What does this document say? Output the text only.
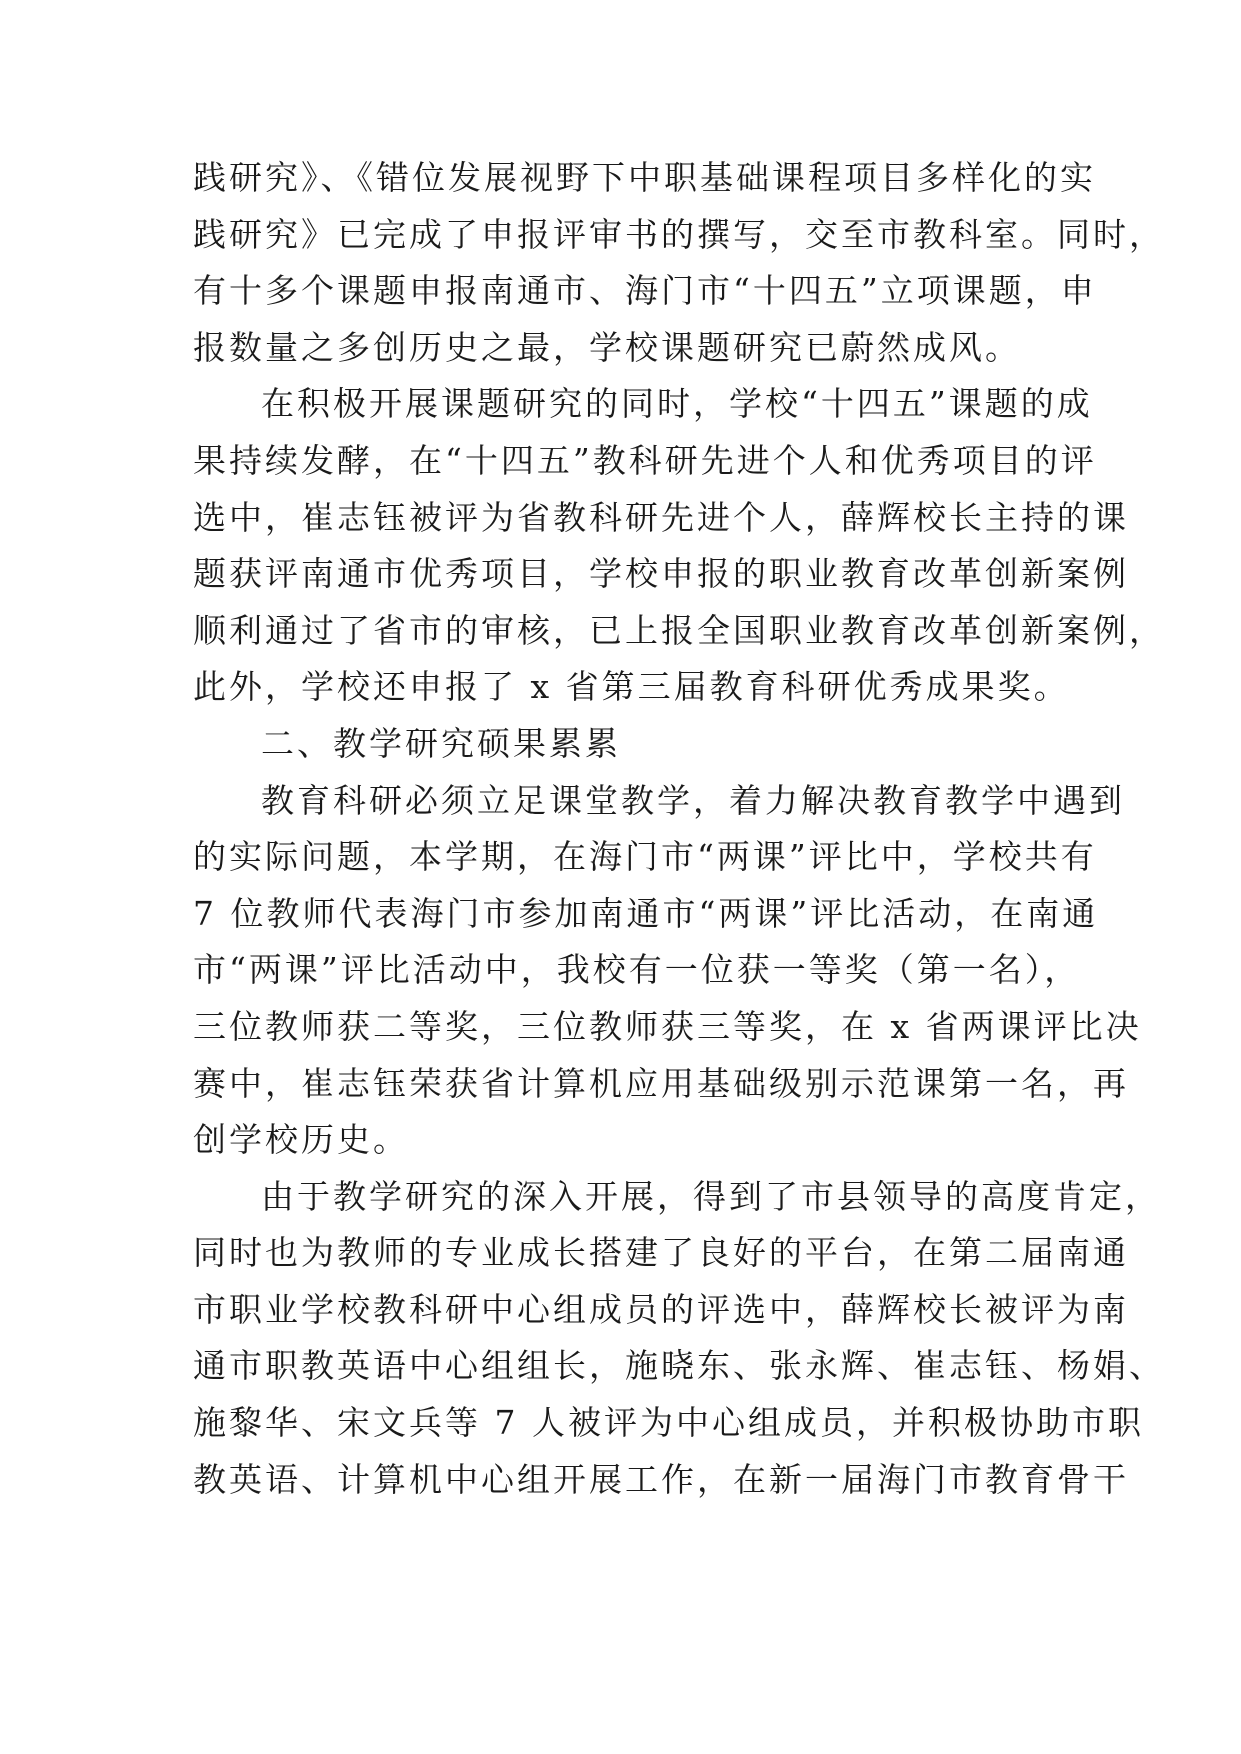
践研究》、《错位发展视野下中职基础课程项目多样化的实
践研究》已完成了申报评审书的撰写，交至市教科室。同时，
有十多个课题申报南通市、海门市“十四五”立项课题，申
报数量之多创历史之最，学校课题研究已蔚然成风。
在积极开展课题研究的同时，学校“十四五”课题的成
果持续发酵，在“十四五”教科研先进个人和优秀项目的评
选中，崔志钰被评为省教科研先进个人，薛辉校长主持的课
题获评南通市优秀项目，学校申报的职业教育改革创新案例
顺利通过了省市的审核，已上报全国职业教育改革创新案例，
此外，学校还申报了 x 省第三届教育科研优秀成果奖。
二、教学研究硕果累累
教育科研必须立足课堂教学，着力解决教育教学中遇到
的实际问题，本学期，在海门市“两课”评比中，学校共有
7 位教师代表海门市参加南通市“两课”评比活动，在南通
市“两课”评比活动中，我校有一位获一等奖（第一名），
三位教师获二等奖，三位教师获三等奖，在 x 省两课评比决
赛中，崔志钰荣获省计算机应用基础级别示范课第一名，再
创学校历史。
由于教学研究的深入开展，得到了市县领导的高度肯定，
同时也为教师的专业成长搭建了良好的平台，在第二届南通
市职业学校教科研中心组成员的评选中，薛辉校长被评为南
通市职教英语中心组组长，施晓东、张永辉、崔志钰、杨娟、
施黎华、宋文兵等 7 人被评为中心组成员，并积极协助市职
教英语、计算机中心组开展工作，在新一届海门市教育骨干
